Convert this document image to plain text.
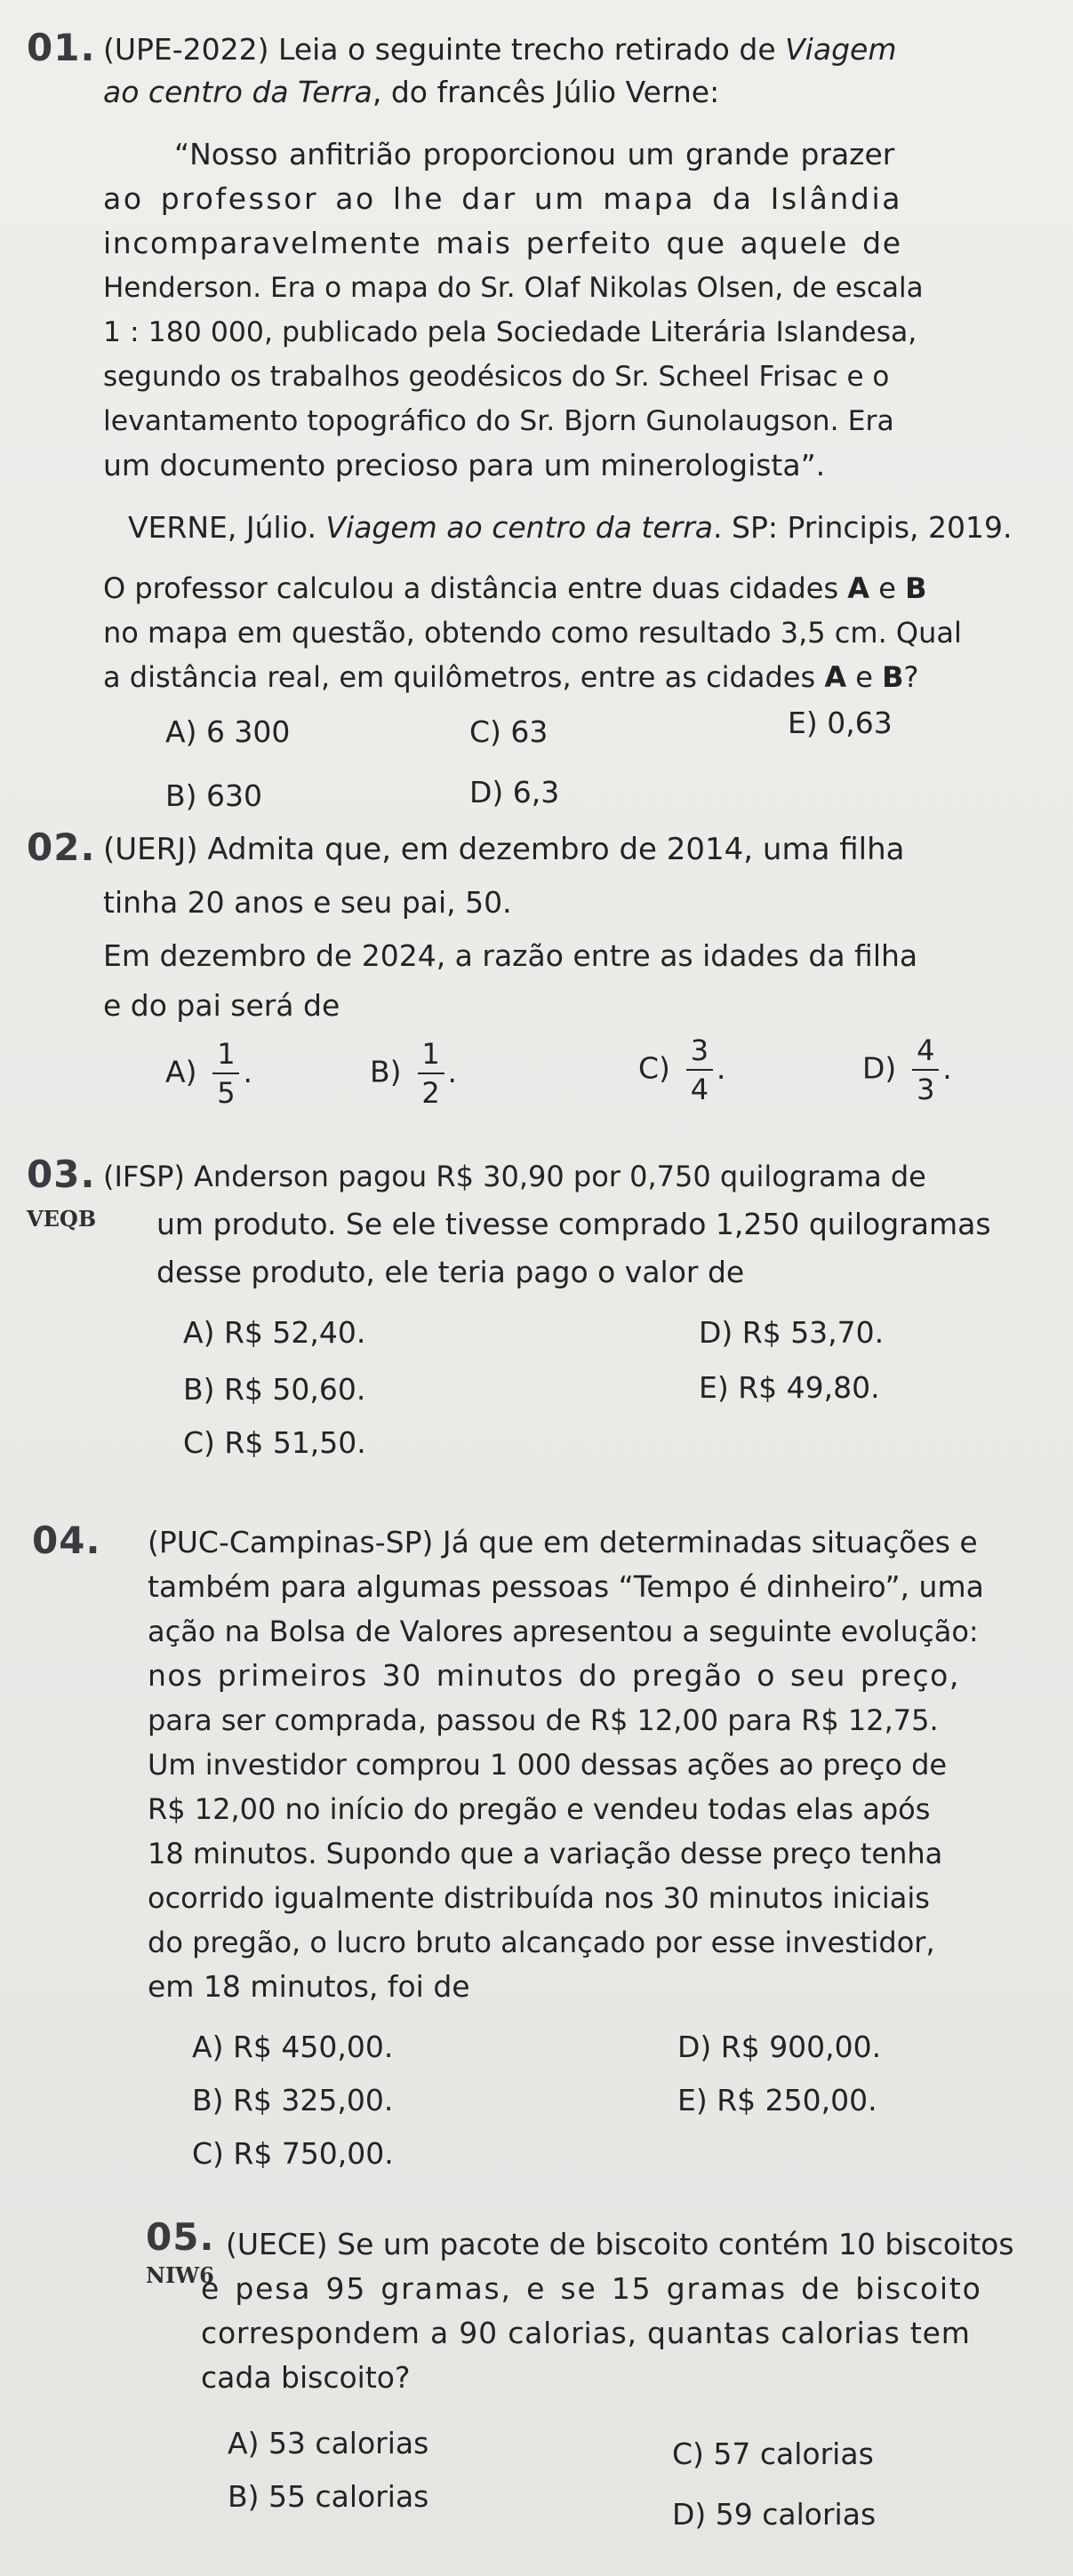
01. (UPE-2022) Leia o seguinte trecho retirado de Viagem
ao centro da Terra, do francês Júlio Verne:
“Nosso anfitrião proporcionou um grande prazer
ao professor ao lhe dar um mapa da Islândia
incomparavelmente mais perfeito que aquele de
Henderson. Era o mapa do Sr. Olaf Nikolas Olsen, de escala
1 : 180 000, publicado pela Sociedade Literária Islandesa,
segundo os trabalhos geodésicos do Sr. Scheel Frisac e o
levantamento topográfico do Sr. Bjorn Gunolaugson. Era
um documento precioso para um minerologista”.
VERNE, Júlio. Viagem ao centro da terra. SP: Principis, 2019.
O professor calculou a distância entre duas cidades A e B
no mapa em questão, obtendo como resultado 3,5 cm. Qual
a distância real, em quilômetros, entre as cidades A e B?
A) 6 300	C) 63	E) 0,63
B) 630	D) 6,3
02. (UERJ) Admita que, em dezembro de 2014, uma filha
tinha 20 anos e seu pai, 50.
Em dezembro de 2024, a razão entre as idades da filha
e do pai será de
$A) \frac{1}{5}$ .	$B) \frac{1}{2}$ .	$C) \frac{3}{4}$ .	$D) \frac{4}{3}$ .
03.
VEQB
(IFSP) Anderson pagou R$ 30,90 por 0,750 quilograma de
um produto. Se ele tivesse comprado 1,250 quilogramas
desse produto, ele teria pago o valor de
A) R$ 52,40.	D) R$ 53,70.
B) R$ 50,60.	E) R$ 49,80.
C) R$ 51,50.
04. (PUC-Campinas-SP) Já que em determinadas situações e
também para algumas pessoas “Tempo é dinheiro”, uma
ação na Bolsa de Valores apresentou a seguinte evolução:
nos primeiros 30 minutos do pregão o seu preço,
para ser comprada, passou de R$ 12,00 para R$ 12,75.
Um investidor comprou 1 000 dessas ações ao preço de
R$ 12,00 no início do pregão e vendeu todas elas após
18 minutos. Supondo que a variação desse preço tenha
ocorrido igualmente distribuída nos 30 minutos iniciais
do pregão, o lucro bruto alcançado por esse investidor,
em 18 minutos, foi de
A) R$ 450,00.	D) R$ 900,00.
B) R$ 325,00.	E) R$ 250,00.
C) R$ 750,00.
05.
NIW6
(UECE) Se um pacote de biscoito contém 10 biscoitos
e pesa 95 gramas, e se 15 gramas de biscoito
correspondem a 90 calorias, quantas calorias tem
cada biscoito?
A) 53 calorias	C) 57 calorias
B) 55 calorias
D) 59 calorias
